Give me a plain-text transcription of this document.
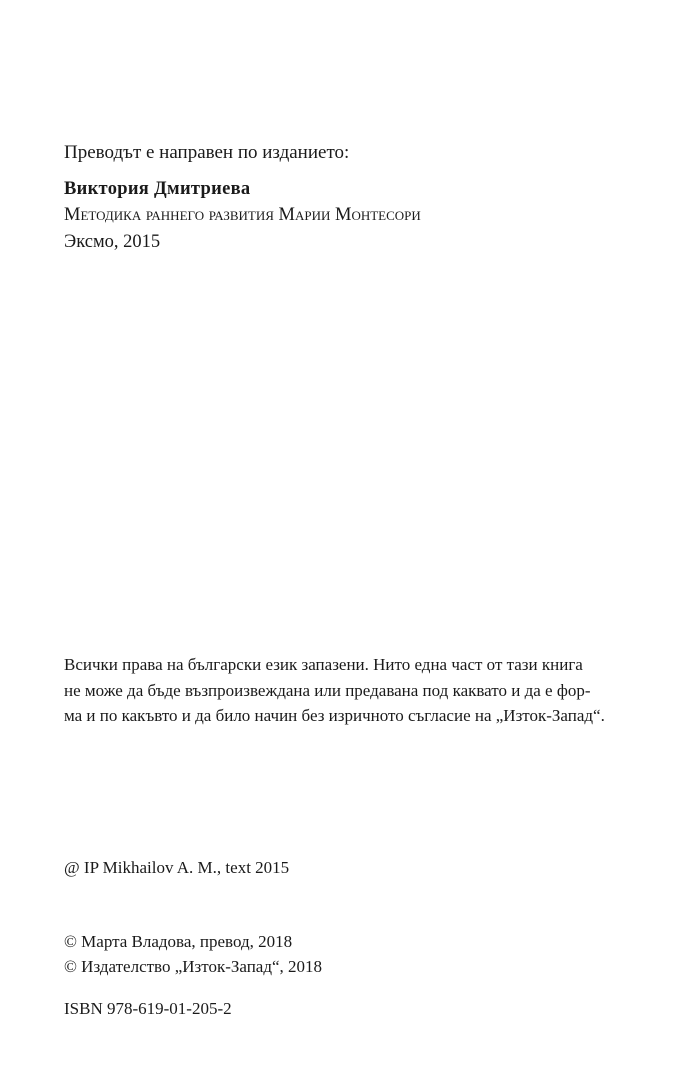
Преводът е направен по изданието:
Виктория Дмитриева
Методика раннего развития Марии Монтесори
Эксмо, 2015
Всички права на български език запазени. Нито една част от тази книга
не може да бъде възпроизвеждана или предавана под каквато и да е фор-
ма и по какъвто и да било начин без изричното съгласие на „Изток-Запад“.
@ IP Mikhailov A. M., text 2015
© Марта Владова, превод, 2018
© Издателство „Изток-Запад“, 2018
ISBN 978-619-01-205-2
